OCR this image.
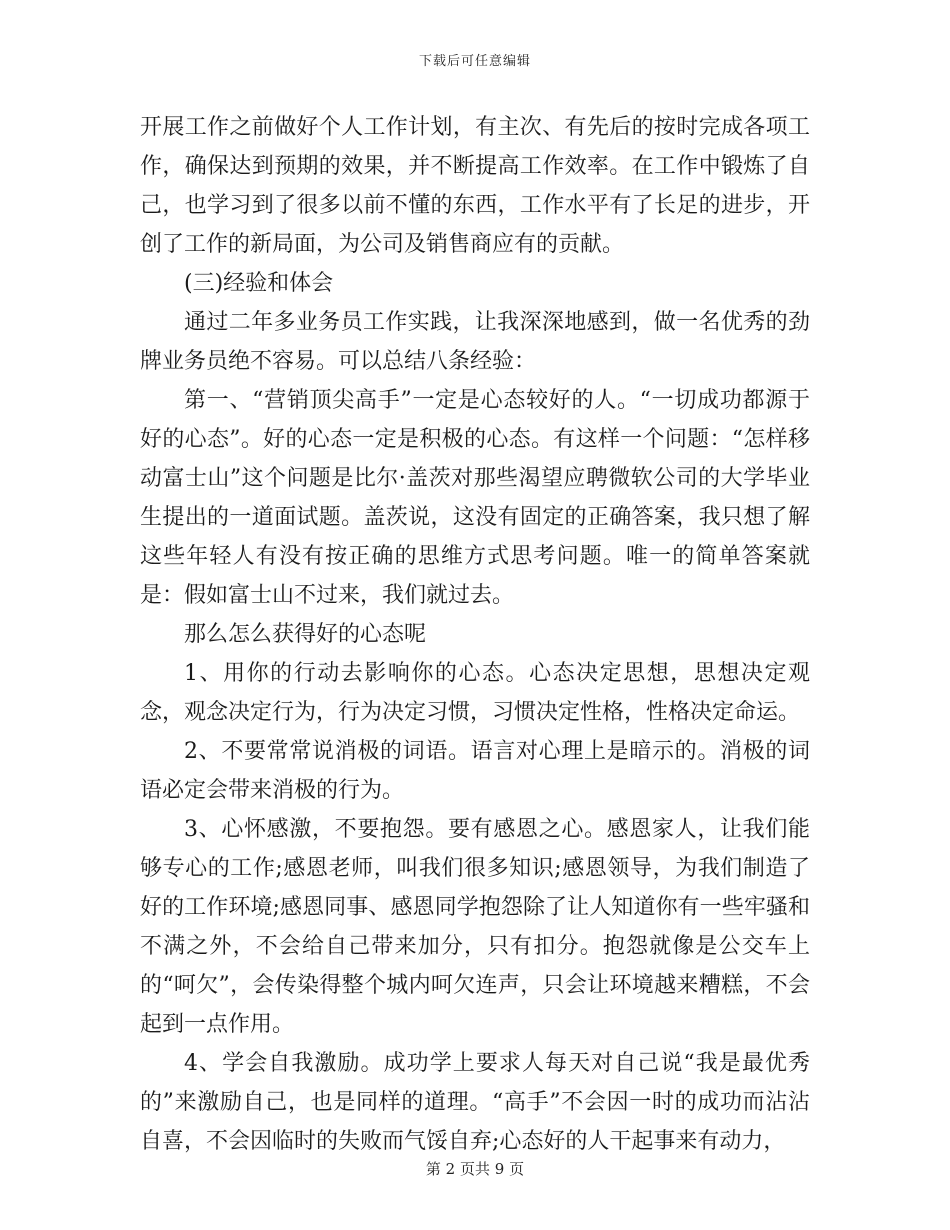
下载后可任意编辑

开展工作之前做好个人工作计划，有主次、有先后的按时完成各项工作，确保达到预期的效果，并不断提高工作效率。在工作中锻炼了自己，也学习到了很多以前不懂的东西，工作水平有了长足的进步，开创了工作的新局面，为公司及销售商应有的贡献。

(三)经验和体会

通过二年多业务员工作实践，让我深深地感到，做一名优秀的劲牌业务员绝不容易。可以总结八条经验：

第一、“营销顶尖高手”一定是心态较好的人。“一切成功都源于好的心态”。好的心态一定是积极的心态。有这样一个问题：“怎样移动富士山”这个问题是比尔·盖茨对那些渴望应聘微软公司的大学毕业生提出的一道面试题。盖茨说，这没有固定的正确答案，我只想了解这些年轻人有没有按正确的思维方式思考问题。唯一的简单答案就是：假如富士山不过来，我们就过去。

那么怎么获得好的心态呢

1、用你的行动去影响你的心态。心态决定思想，思想决定观念，观念决定行为，行为决定习惯，习惯决定性格，性格决定命运。

2、不要常常说消极的词语。语言对心理上是暗示的。消极的词语必定会带来消极的行为。

3、心怀感激，不要抱怨。要有感恩之心。感恩家人，让我们能够专心的工作;感恩老师，叫我们很多知识;感恩领导，为我们制造了好的工作环境;感恩同事、感恩同学抱怨除了让人知道你有一些牢骚和不满之外，不会给自己带来加分，只有扣分。抱怨就像是公交车上的“呵欠”，会传染得整个城内呵欠连声，只会让环境越来糟糕，不会起到一点作用。

4、学会自我激励。成功学上要求人每天对自己说“我是最优秀的”来激励自己，也是同样的道理。“高手”不会因一时的成功而沾沾自喜，不会因临时的失败而气馁自弃;心态好的人干起事来有动力，

第 2 页共 9 页
